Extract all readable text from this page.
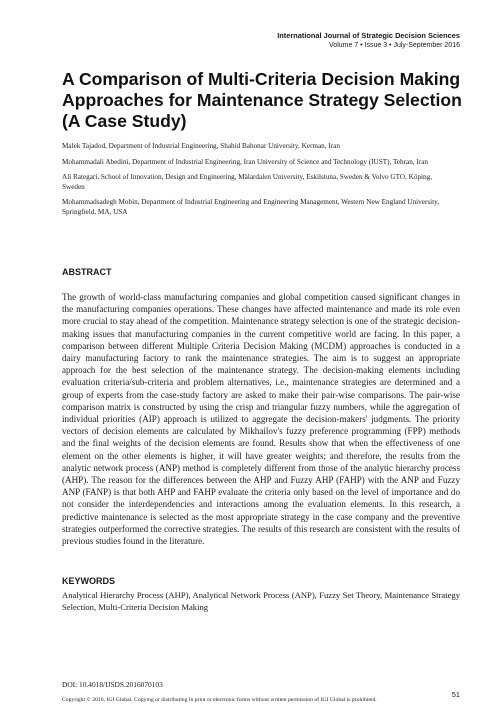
International Journal of Strategic Decision Sciences
Volume 7 • Issue 3 • July-September 2016
A Comparison of Multi-Criteria Decision Making Approaches for Maintenance Strategy Selection (A Case Study)

Malek Tajadod, Department of Industrial Engineering, Shahid Bahonar University, Kerman, Iran

Mohammadali Abedini, Department of Industrial Engineering, Iran University of Science and Technology (IUST), Tehran, Iran

Ali Rategari, School of Innovation, Design and Engineering, Mälardalen University, Eskilstuna, Sweden & Volvo GTO, Köping, Sweden

Mohammadsadegh Mobin, Department of Industrial Engineering and Engineering Management, Western New England University, Springfield, MA, USA

ABSTRACT

The growth of world-class manufacturing companies and global competition caused significant changes in the manufacturing companies operations. These changes have affected maintenance and made its role even more crucial to stay ahead of the competition. Maintenance strategy selection is one of the strategic decision-making issues that manufacturing companies in the current competitive world are facing. In this paper, a comparison between different Multiple Criteria Decision Making (MCDM) approaches is conducted in a dairy manufacturing factory to rank the maintenance strategies. The aim is to suggest an appropriate approach for the best selection of the maintenance strategy. The decision-making elements including evaluation criteria/sub-criteria and problem alternatives, i.e., maintenance strategies are determined and a group of experts from the case-study factory are asked to make their pair-wise comparisons. The pair-wise comparison matrix is constructed by using the crisp and triangular fuzzy numbers, while the aggregation of individual priorities (AIP) approach is utilized to aggregate the decision-makers' judgments. The priority vectors of decision elements are calculated by Mikhailov's fuzzy preference programming (FPP) methods and the final weights of the decision elements are found. Results show that when the effectiveness of one element on the other elements is higher, it will have greater weights; and therefore, the results from the analytic network process (ANP) method is completely different from those of the analytic hierarchy process (AHP). The reason for the differences between the AHP and Fuzzy AHP (FAHP) with the ANP and Fuzzy ANP (FANP) is that both AHP and FAHP evaluate the criteria only based on the level of importance and do not consider the interdependencies and interactions among the evaluation elements. In this research, a predictive maintenance is selected as the most appropriate strategy in the case company and the preventive strategies outperformed the corrective strategies. The results of this research are consistent with the results of previous studies found in the literature.

KEYWORDS

Analytical Hierarchy Process (AHP), Analytical Network Process (ANP), Fuzzy Set Theory, Maintenance Strategy Selection, Multi-Criteria Decision Making

DOI: 10.4018/IJSDS.2016070103
Copyright © 2016, IGI Global. Copying or distributing in print or electronic forms without written permission of IGI Global is prohibited.
51
